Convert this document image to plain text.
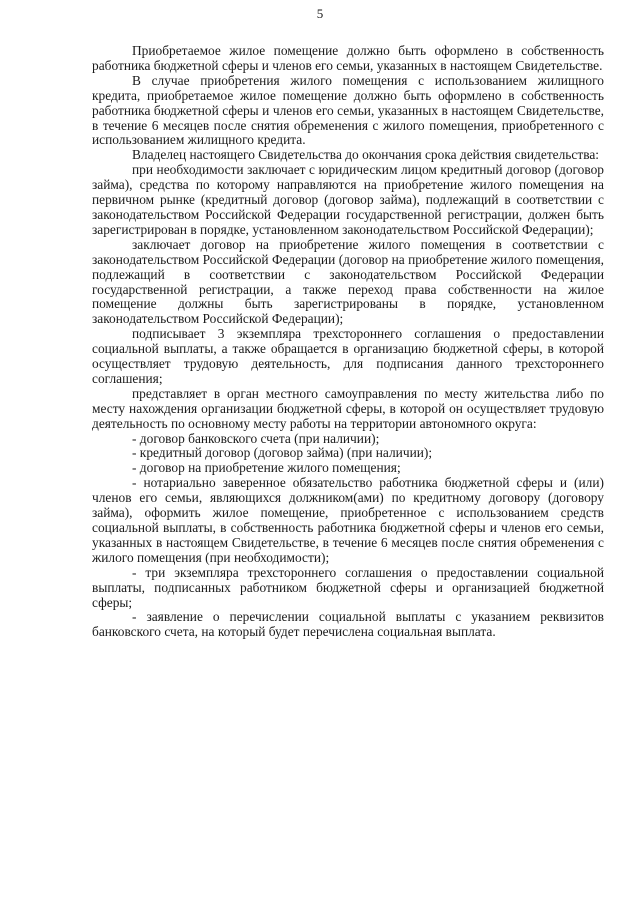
5

Приобретаемое жилое помещение должно быть оформлено в собственность работника бюджетной сферы и членов его семьи, указанных в настоящем Свидетельстве.

В случае приобретения жилого помещения с использованием жилищного кредита, приобретаемое жилое помещение должно быть оформлено в собственность работника бюджетной сферы и членов его семьи, указанных в настоящем Свидетельстве, в течение 6 месяцев после снятия обременения с жилого помещения, приобретенного с использованием жилищного кредита.

Владелец настоящего Свидетельства до окончания срока действия свидетельства:

при необходимости заключает с юридическим лицом кредитный договор (договор займа), средства по которому направляются на приобретение жилого помещения на первичном рынке (кредитный договор (договор займа), подлежащий в соответствии с законодательством Российской Федерации государственной регистрации, должен быть зарегистрирован в порядке, установленном законодательством Российской Федерации);

заключает договор на приобретение жилого помещения в соответствии с законодательством Российской Федерации (договор на приобретение жилого помещения, подлежащий в соответствии с законодательством Российской Федерации государственной регистрации, а также переход права собственности на жилое помещение должны быть зарегистрированы в порядке, установленном законодательством Российской Федерации);

подписывает 3 экземпляра трехстороннего соглашения о предоставлении социальной выплаты, а также обращается в организацию бюджетной сферы, в которой осуществляет трудовую деятельность, для подписания данного трехстороннего соглашения;

представляет в орган местного самоуправления по месту жительства либо по месту нахождения организации бюджетной сферы, в которой он осуществляет трудовую деятельность по основному месту работы на территории автономного округа:

- договор банковского счета (при наличии);

- кредитный договор (договор займа) (при наличии);

- договор на приобретение жилого помещения;

- нотариально заверенное обязательство работника бюджетной сферы и (или) членов его семьи, являющихся должником(ами) по кредитному договору (договору займа), оформить жилое помещение, приобретенное с использованием средств социальной выплаты, в собственность работника бюджетной сферы и членов его семьи, указанных в настоящем Свидетельстве, в течение 6 месяцев после снятия обременения с жилого помещения (при необходимости);

- три экземпляра трехстороннего соглашения о предоставлении социальной выплаты, подписанных работником бюджетной сферы и организацией бюджетной сферы;

- заявление о перечислении социальной выплаты с указанием реквизитов банковского счета, на который будет перечислена социальная выплата.
